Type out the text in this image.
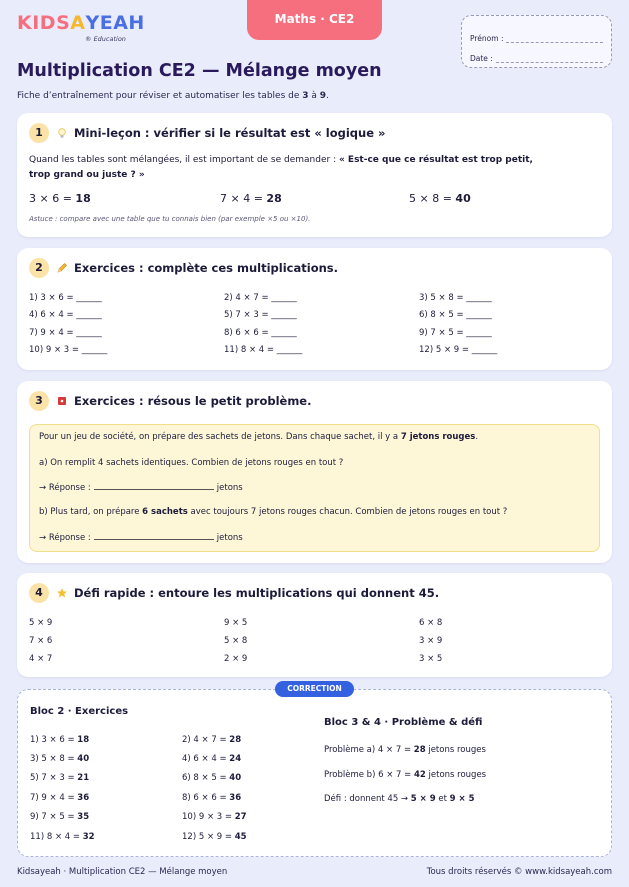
KIDSAYEAH
® Education
Maths · CE2
Prénom :
Date :
Multiplication CE2 — Mélange moyen
Fiche d’entraînement pour réviser et automatiser les tables de 3 à 9.
1	Mini-leçon : vérifier si le résultat est « logique »
Quand les tables sont mélangées, il est important de se demander : « Est-ce que ce résultat est trop petit,
trop grand ou juste ? »
3 × 6 = 18	7 × 4 = 28	5 × 8 = 40
Astuce : compare avec une table que tu connais bien (par exemple ×5 ou ×10).
2	Exercices : complète ces multiplications.
1) 3 × 6 = ______	2) 4 × 7 = ______	3) 5 × 8 = ______
4) 6 × 4 = ______	5) 7 × 3 = ______	6) 8 × 5 = ______
7) 9 × 4 = ______	8) 6 × 6 = ______	9) 7 × 5 = ______
10) 9 × 3 = ______	11) 8 × 4 = ______	12) 5 × 9 = ______
3	Exercices : résous le petit problème.
Pour un jeu de société, on prépare des sachets de jetons. Dans chaque sachet, il y a 7 jetons rouges.
a) On remplit 4 sachets identiques. Combien de jetons rouges en tout ?
→ Réponse :	jetons
b) Plus tard, on prépare 6 sachets avec toujours 7 jetons rouges chacun. Combien de jetons rouges en tout ?
→ Réponse :	jetons
4	Défi rapide : entoure les multiplications qui donnent 45.
5 × 9	9 × 5	6 × 8
7 × 6	5 × 8	3 × 9
4 × 7	2 × 9	3 × 5
Bloc 2 · Exercices
1) 3 × 6 = 18	2) 4 × 7 = 28
3) 5 × 8 = 40	4) 6 × 4 = 24
5) 7 × 3 = 21	6) 8 × 5 = 40
7) 9 × 4 = 36	8) 6 × 6 = 36
9) 7 × 5 = 35	10) 9 × 3 = 27
11) 8 × 4 = 32	12) 5 × 9 = 45
Bloc 3 & 4 · Problème & défi
Problème a) 4 × 7 = 28 jetons rouges
Problème b) 6 × 7 = 42 jetons rouges
Défi : donnent 45 → 5 × 9 et 9 × 5
CORRECTION
Kidsayeah · Multiplication CE2 — Mélange moyen	Tous droits réservés © www.kidsayeah.com
